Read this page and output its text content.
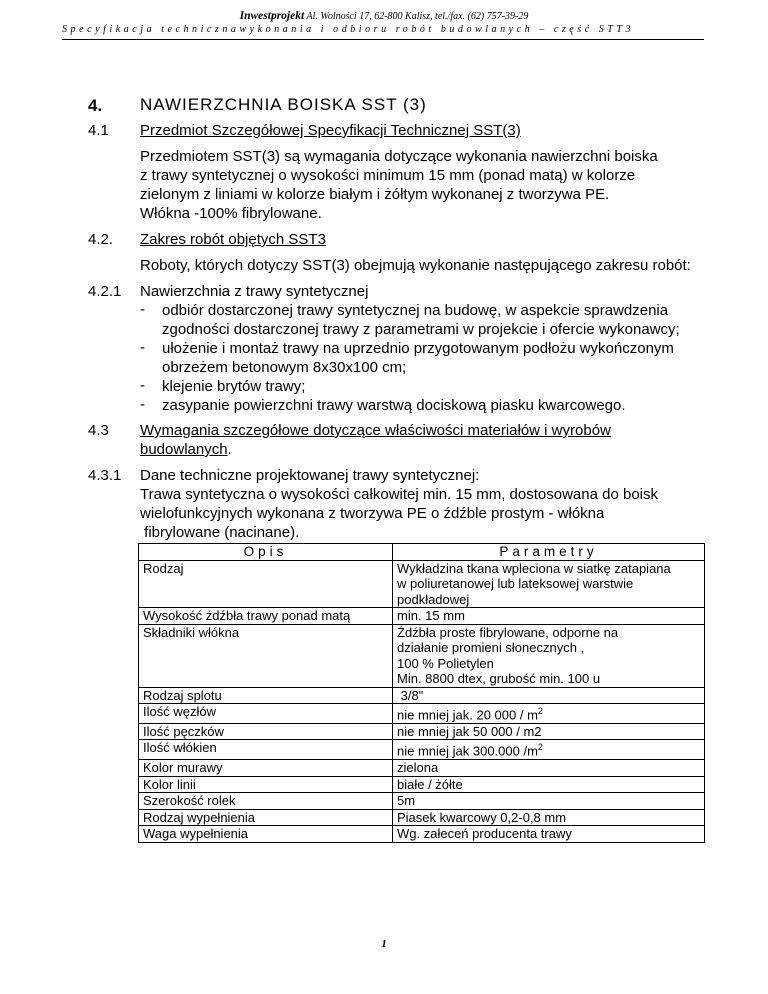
Inwestprojekt Al. Wolności 17, 62-800 Kalisz, tel./fax. (62) 757-39-29
Specyfikacja technicznawykonania i odbioru robót budowlanych – część STT3
4. NAWIERZCHNIA BOISKA SST (3)
4.1 Przedmiot Szczegółowej Specyfikacji Technicznej SST(3)
Przedmiotem SST(3) są wymagania dotyczące wykonania nawierzchni boiska
z trawy syntetycznej o wysokości minimum 15 mm (ponad matą) w kolorze
zielonym z liniami w kolorze białym i żółtym wykonanej z tworzywa PE.
Włókna -100% fibrylowane.
4.2. Zakres robót objętych SST3
Roboty, których dotyczy SST(3) obejmują wykonanie następującego zakresu robót:
4.2.1 Nawierzchnia z trawy syntetycznej
- odbiór dostarczonej trawy syntetycznej na budowę, w aspekcie sprawdzenia
zgodności dostarczonej trawy z parametrami w projekcie i ofercie wykonawcy;
- ułożenie i montaż trawy na uprzednio przygotowanym podłożu wykończonym
obrzeżem betonowym 8x30x100 cm;
- klejenie brytów trawy;
- zasypanie powierzchni trawy warstwą dociskową piasku kwarcowego.
4.3 Wymagania szczegółowe dotyczące właściwości materiałów i wyrobów
budowlanych.
4.3.1 Dane techniczne projektowanej trawy syntetycznej:
Trawa syntetyczna o wysokości całkowitej min. 15 mm, dostosowana do boisk
wielofunkcyjnych wykonana z tworzywa PE o źdźble prostym - włókna
fibrylowane (nacinane).
Opis	Parametry
Rodzaj	Wykładzina tkana wpleciona w siatkę zatapiana
w poliuretanowej lub lateksowej warstwie
podkładowej

Wysokość źdźbła trawy ponad matą	min. 15 mm

Składniki włókna	Źdźbła proste fibrylowane, odporne na
działanie promieni słonecznych ,
100 % Polietylen
Min. 8800 dtex, grubość min. 100 u

Rodzaj splotu	3/8"

Ilość węzłów	nie mniej jak. 20 $000 / m^2$
Ilość pęczków	nie mniej jak 50 000 / m2
Ilość włókien	nie mniej jak 300.000 $/m^2$
Kolor murawy	zielona
Kolor linii	białe / żółte
Szerokość rolek	5m
Rodzaj wypełnienia	Piasek kwarcowy 0,2-0,8 mm
Waga wypełnienia	Wg. załeceń producenta trawy
1
